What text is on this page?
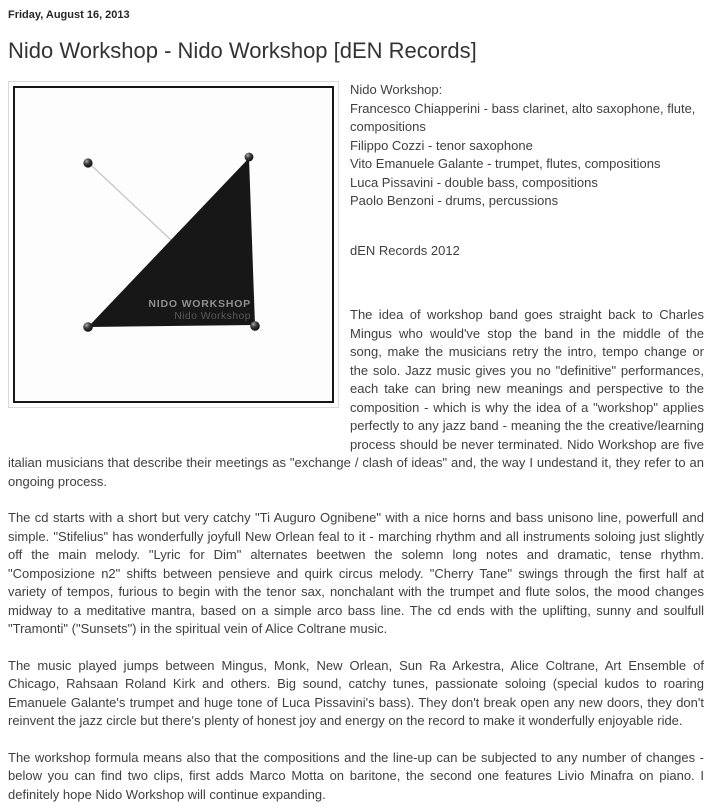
Friday, August 16, 2013
Nido Workshop - Nido Workshop [dEN Records]
NIDO WORKSHOP
Nido Workshop
Nido Workshop:
Francesco Chiapperini - bass clarinet, alto saxophone, flute, compositions
Filippo Cozzi - tenor saxophone
Vito Emanuele Galante - trumpet, flutes, compositions
Luca Pissavini - double bass, compositions
Paolo Benzoni - drums, percussions
dEN Records 2012

The idea of workshop band goes straight back to Charles Mingus who would've stop the band in the middle of the song, make the musicians retry the intro, tempo change or the solo. Jazz music gives you no "definitive" performances, each take can bring new meanings and perspective to the composition - which is why the idea of a "workshop" applies perfectly to any jazz band - meaning the the creative/learning process should be never terminated. Nido Workshop are five italian musicians that describe their meetings as "exchange / clash of ideas" and, the way I undestand it, they refer to an ongoing process.

The cd starts with a short but very catchy "Ti Auguro Ognibene" with a nice horns and bass unisono line, powerfull and simple. "Stifelius" has wonderfully joyfull New Orlean feal to it - marching rhythm and all instruments soloing just slightly off the main melody. "Lyric for Dim" alternates beetwen the solemn long notes and dramatic, tense rhythm. "Composizione n2" shifts between pensieve and quirk circus melody. "Cherry Tane" swings through the first half at variety of tempos, furious to begin with the tenor sax, nonchalant with the trumpet and flute solos, the mood changes midway to a meditative mantra, based on a simple arco bass line. The cd ends with the uplifting, sunny and soulfull "Tramonti" ("Sunsets") in the spiritual vein of Alice Coltrane music.

The music played jumps between Mingus, Monk, New Orlean, Sun Ra Arkestra, Alice Coltrane, Art Ensemble of Chicago, Rahsaan Roland Kirk and others. Big sound, catchy tunes, passionate soloing (special kudos to roaring Emanuele Galante's trumpet and huge tone of Luca Pissavini's bass). They don't break open any new doors, they don't reinvent the jazz circle but there's plenty of honest joy and energy on the record to make it wonderfully enjoyable ride.

The workshop formula means also that the compositions and the line-up can be subjected to any number of changes - below you can find two clips, first adds Marco Motta on baritone, the second one features Livio Minafra on piano. I definitely hope Nido Workshop will continue expanding.
